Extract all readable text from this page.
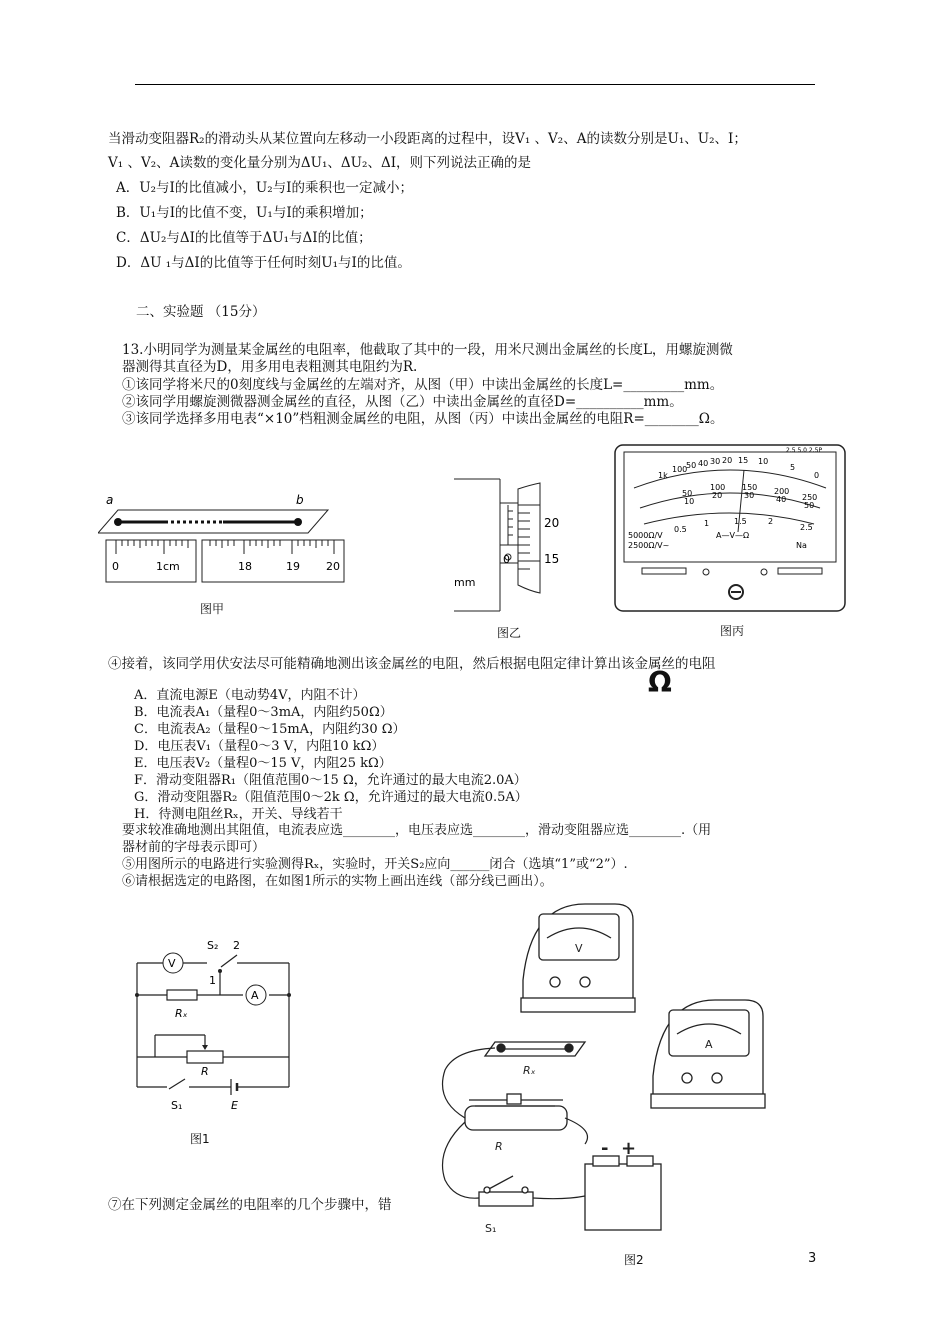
当滑动变阻器R₂的滑动头从某位置向左移动一小段距离的过程中，设V₁ 、V₂、A的读数分别是U₁、U₂、I；
V₁ 、V₂、A读数的变化量分别为ΔU₁、ΔU₂、ΔI，则下列说法正确的是
A．U₂与I的比值减小，U₂与I的乘积也一定减小；
B．U₁与I的比值不变，U₁与I的乘积增加；
C．ΔU₂与ΔI的比值等于ΔU₁与ΔI的比值；
D．ΔU ₁与ΔI的比值等于任何时刻U₁与I的比值。
二、实验题 （15分）
13.小明同学为测量某金属丝的电阻率，他截取了其中的一段，用米尺测出金属丝的长度L，用螺旋测微
器测得其直径为D，用多用电表粗测其电阻约为R.
①该同学将米尺的0刻度线与金属丝的左端对齐，从图（甲）中读出金属丝的长度L=_________mm。
②该同学用螺旋测微器测金属丝的直径，从图（乙）中读出金属丝的直径D=__________mm。
③该同学选择多用电表“×10”档粗测金属丝的电阻，从图（丙）中读出金属丝的电阻R=________Ω。
a	b
0	1cm	18	19 20
图甲
20
15
0
mm
图乙
1k
100
50 40 30 20 15 10
5
0
50
10
100
20
150
30 200
40 250
50
0.5
1	1.5	2
2.5
5000Ω/V
2500Ω/V~
A—V—Ω
Na
2.5 5.0 2.5P
图丙
④接着，该同学用伏安法尽可能精确地测出该金属丝的电阻，然后根据电阻定律计算出该金属丝的电阻
Ω
A．直流电源E（电动势4V，内阻不计）
B．电流表A₁（量程0～3mA，内阻约50Ω）
C．电流表A₂（量程0～15mA，内阻约30 Ω）
D．电压表V₁（量程0～3 V，内阻10 kΩ）
E．电压表V₂（量程0～15 V，内阻25 kΩ）
F．滑动变阻器R₁（阻值范围0～15 Ω，允许通过的最大电流2.0A）
G．滑动变阻器R₂（阻值范围0～2k Ω，允许通过的最大电流0.5A）
H．待测电阻丝Rₓ，开关、导线若干
要求较准确地测出其阻值，电流表应选________，电压表应选________，滑动变阻器应选________.（用
器材前的字母表示即可）
⑤用图所示的电路进行实验测得Rₓ，实验时，开关S₂应向______闭合（选填“1”或“2”）.
⑥请根据选定的电路图，在如图1所示的实物上画出连线（部分线已画出）。
V
A
S₂ 2
1
Rₓ
R
S₁	E
图1
V
A
Rₓ
R
S₁
- +
图2
⑦在下列测定金属丝的电阻率的几个步骤中，错
3
